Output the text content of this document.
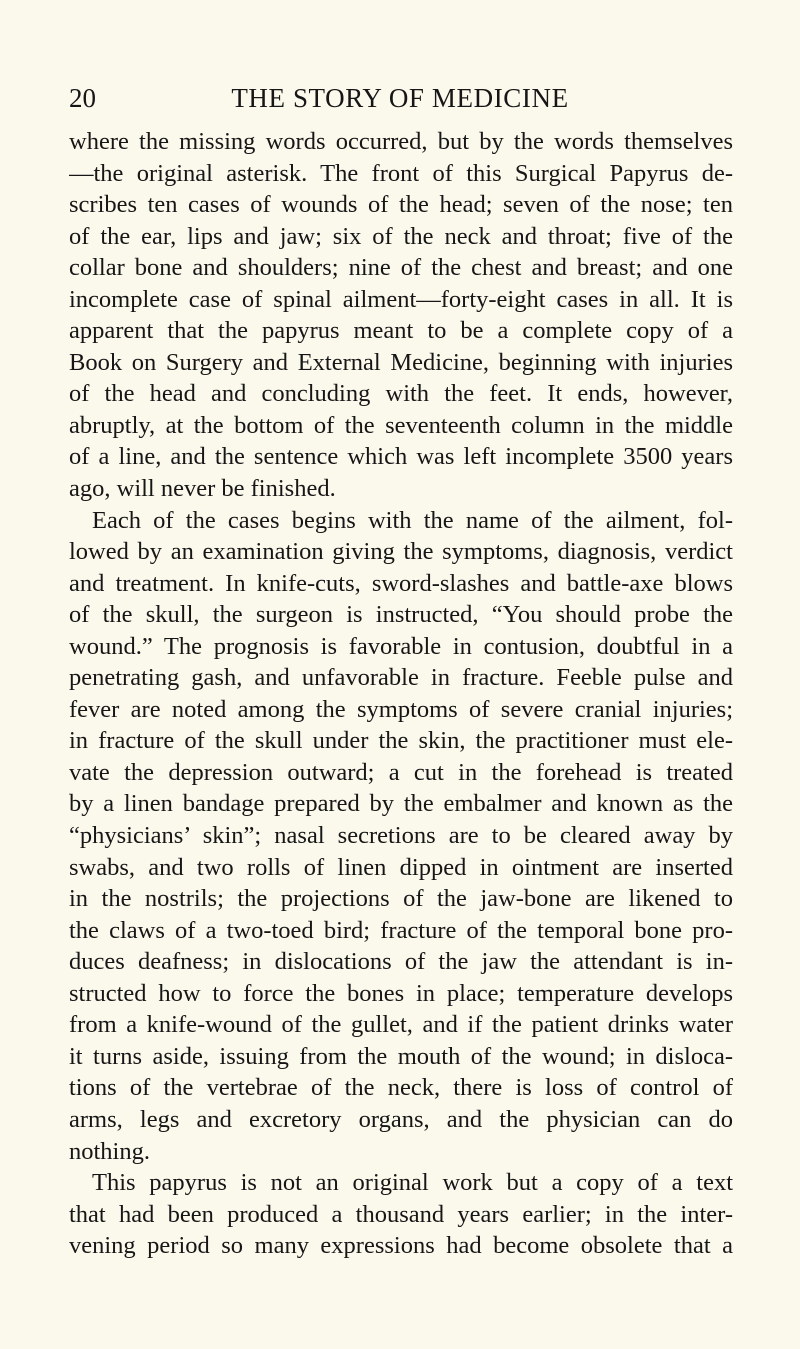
20	THE STORY OF MEDICINE
where the missing words occurred, but by the words themselves
—the original asterisk. The front of this Surgical Papyrus de-
scribes ten cases of wounds of the head; seven of the nose; ten
of the ear, lips and jaw; six of the neck and throat; five of the
collar bone and shoulders; nine of the chest and breast; and one
incomplete case of spinal ailment—forty-eight cases in all. It is
apparent that the papyrus meant to be a complete copy of a
Book on Surgery and External Medicine, beginning with injuries
of the head and concluding with the feet. It ends, however,
abruptly, at the bottom of the seventeenth column in the middle
of a line, and the sentence which was left incomplete 3500 years
ago, will never be finished.
Each of the cases begins with the name of the ailment, fol-
lowed by an examination giving the symptoms, diagnosis, verdict
and treatment. In knife-cuts, sword-slashes and battle-axe blows
of the skull, the surgeon is instructed, “You should probe the
wound.” The prognosis is favorable in contusion, doubtful in a
penetrating gash, and unfavorable in fracture. Feeble pulse and
fever are noted among the symptoms of severe cranial injuries;
in fracture of the skull under the skin, the practitioner must ele-
vate the depression outward; a cut in the forehead is treated
by a linen bandage prepared by the embalmer and known as the
“physicians’ skin”; nasal secretions are to be cleared away by
swabs, and two rolls of linen dipped in ointment are inserted
in the nostrils; the projections of the jaw-bone are likened to
the claws of a two-toed bird; fracture of the temporal bone pro-
duces deafness; in dislocations of the jaw the attendant is in-
structed how to force the bones in place; temperature develops
from a knife-wound of the gullet, and if the patient drinks water
it turns aside, issuing from the mouth of the wound; in disloca-
tions of the vertebrae of the neck, there is loss of control of
arms, legs and excretory organs, and the physician can do
nothing.
This papyrus is not an original work but a copy of a text
that had been produced a thousand years earlier; in the inter-
vening period so many expressions had become obsolete that a
